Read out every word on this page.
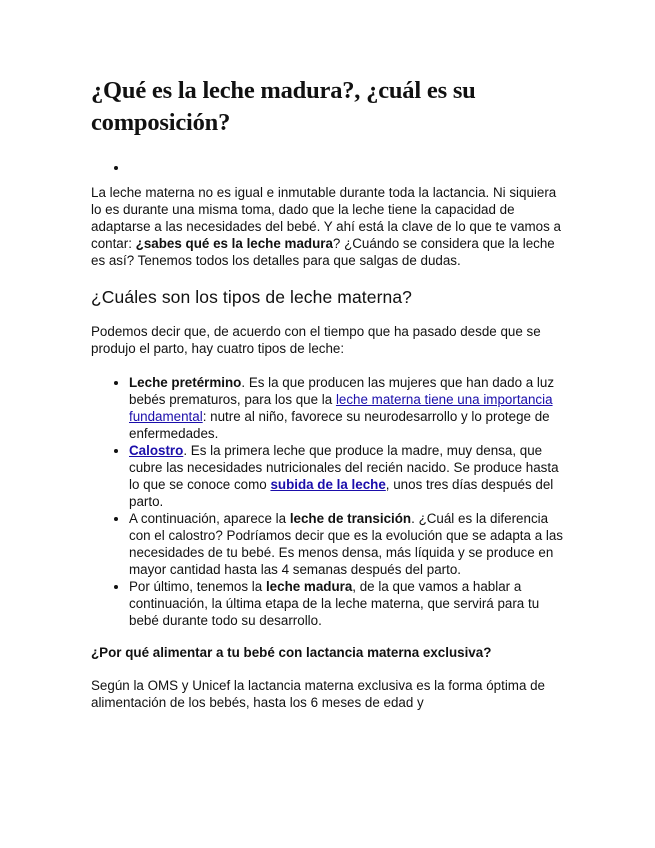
¿Qué es la leche madura?, ¿cuál es su composición?
•

La leche materna no es igual e inmutable durante toda la lactancia. Ni siquiera lo es durante una misma toma, dado que la leche tiene la capacidad de adaptarse a las necesidades del bebé. Y ahí está la clave de lo que te vamos a contar: ¿sabes qué es la leche madura? ¿Cuándo se considera que la leche es así? Tenemos todos los detalles para que salgas de dudas.

¿Cuáles son los tipos de leche materna?

Podemos decir que, de acuerdo con el tiempo que ha pasado desde que se produjo el parto, hay cuatro tipos de leche:

• Leche pretérmino. Es la que producen las mujeres que han dado a luz bebés prematuros, para los que la leche materna tiene una importancia fundamental: nutre al niño, favorece su neurodesarrollo y lo protege de enfermedades.
• Calostro. Es la primera leche que produce la madre, muy densa, que cubre las necesidades nutricionales del recién nacido. Se produce hasta lo que se conoce como subida de la leche, unos tres días después del parto.
• A continuación, aparece la leche de transición. ¿Cuál es la diferencia con el calostro? Podríamos decir que es la evolución que se adapta a las necesidades de tu bebé. Es menos densa, más líquida y se produce en mayor cantidad hasta las 4 semanas después del parto.
• Por último, tenemos la leche madura, de la que vamos a hablar a continuación, la última etapa de la leche materna, que servirá para tu bebé durante todo su desarrollo.
¿Por qué alimentar a tu bebé con lactancia materna exclusiva?

Según la OMS y Unicef la lactancia materna exclusiva es la forma óptima de alimentación de los bebés, hasta los 6 meses de edad y
